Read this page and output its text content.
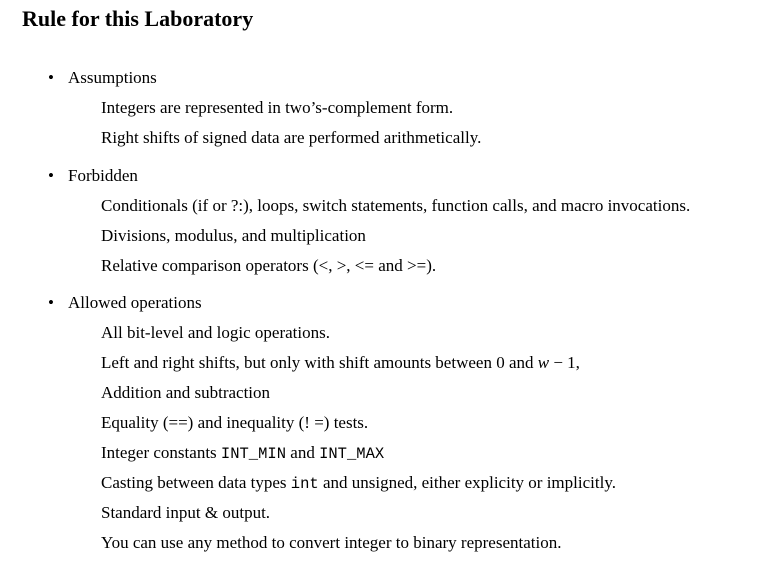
Rule for this Laboratory
• Assumptions
Integers are represented in two’s-complement form.
Right shifts of signed data are performed arithmetically.
• Forbidden
Conditionals (if or ?:), loops, switch statements, function calls, and macro invocations.
Divisions, modulus, and multiplication
Relative comparison operators (<, >, <= and >=).
• Allowed operations
All bit-level and logic operations.
Left and right shifts, but only with shift amounts between 0 and w − 1,
Addition and subtraction
Equality (==) and inequality (! =) tests.
Integer constants INT_MIN and INT_MAX
Casting between data types int and unsigned, either explicity or implicitly.
Standard input & output.
You can use any method to convert integer to binary representation.
